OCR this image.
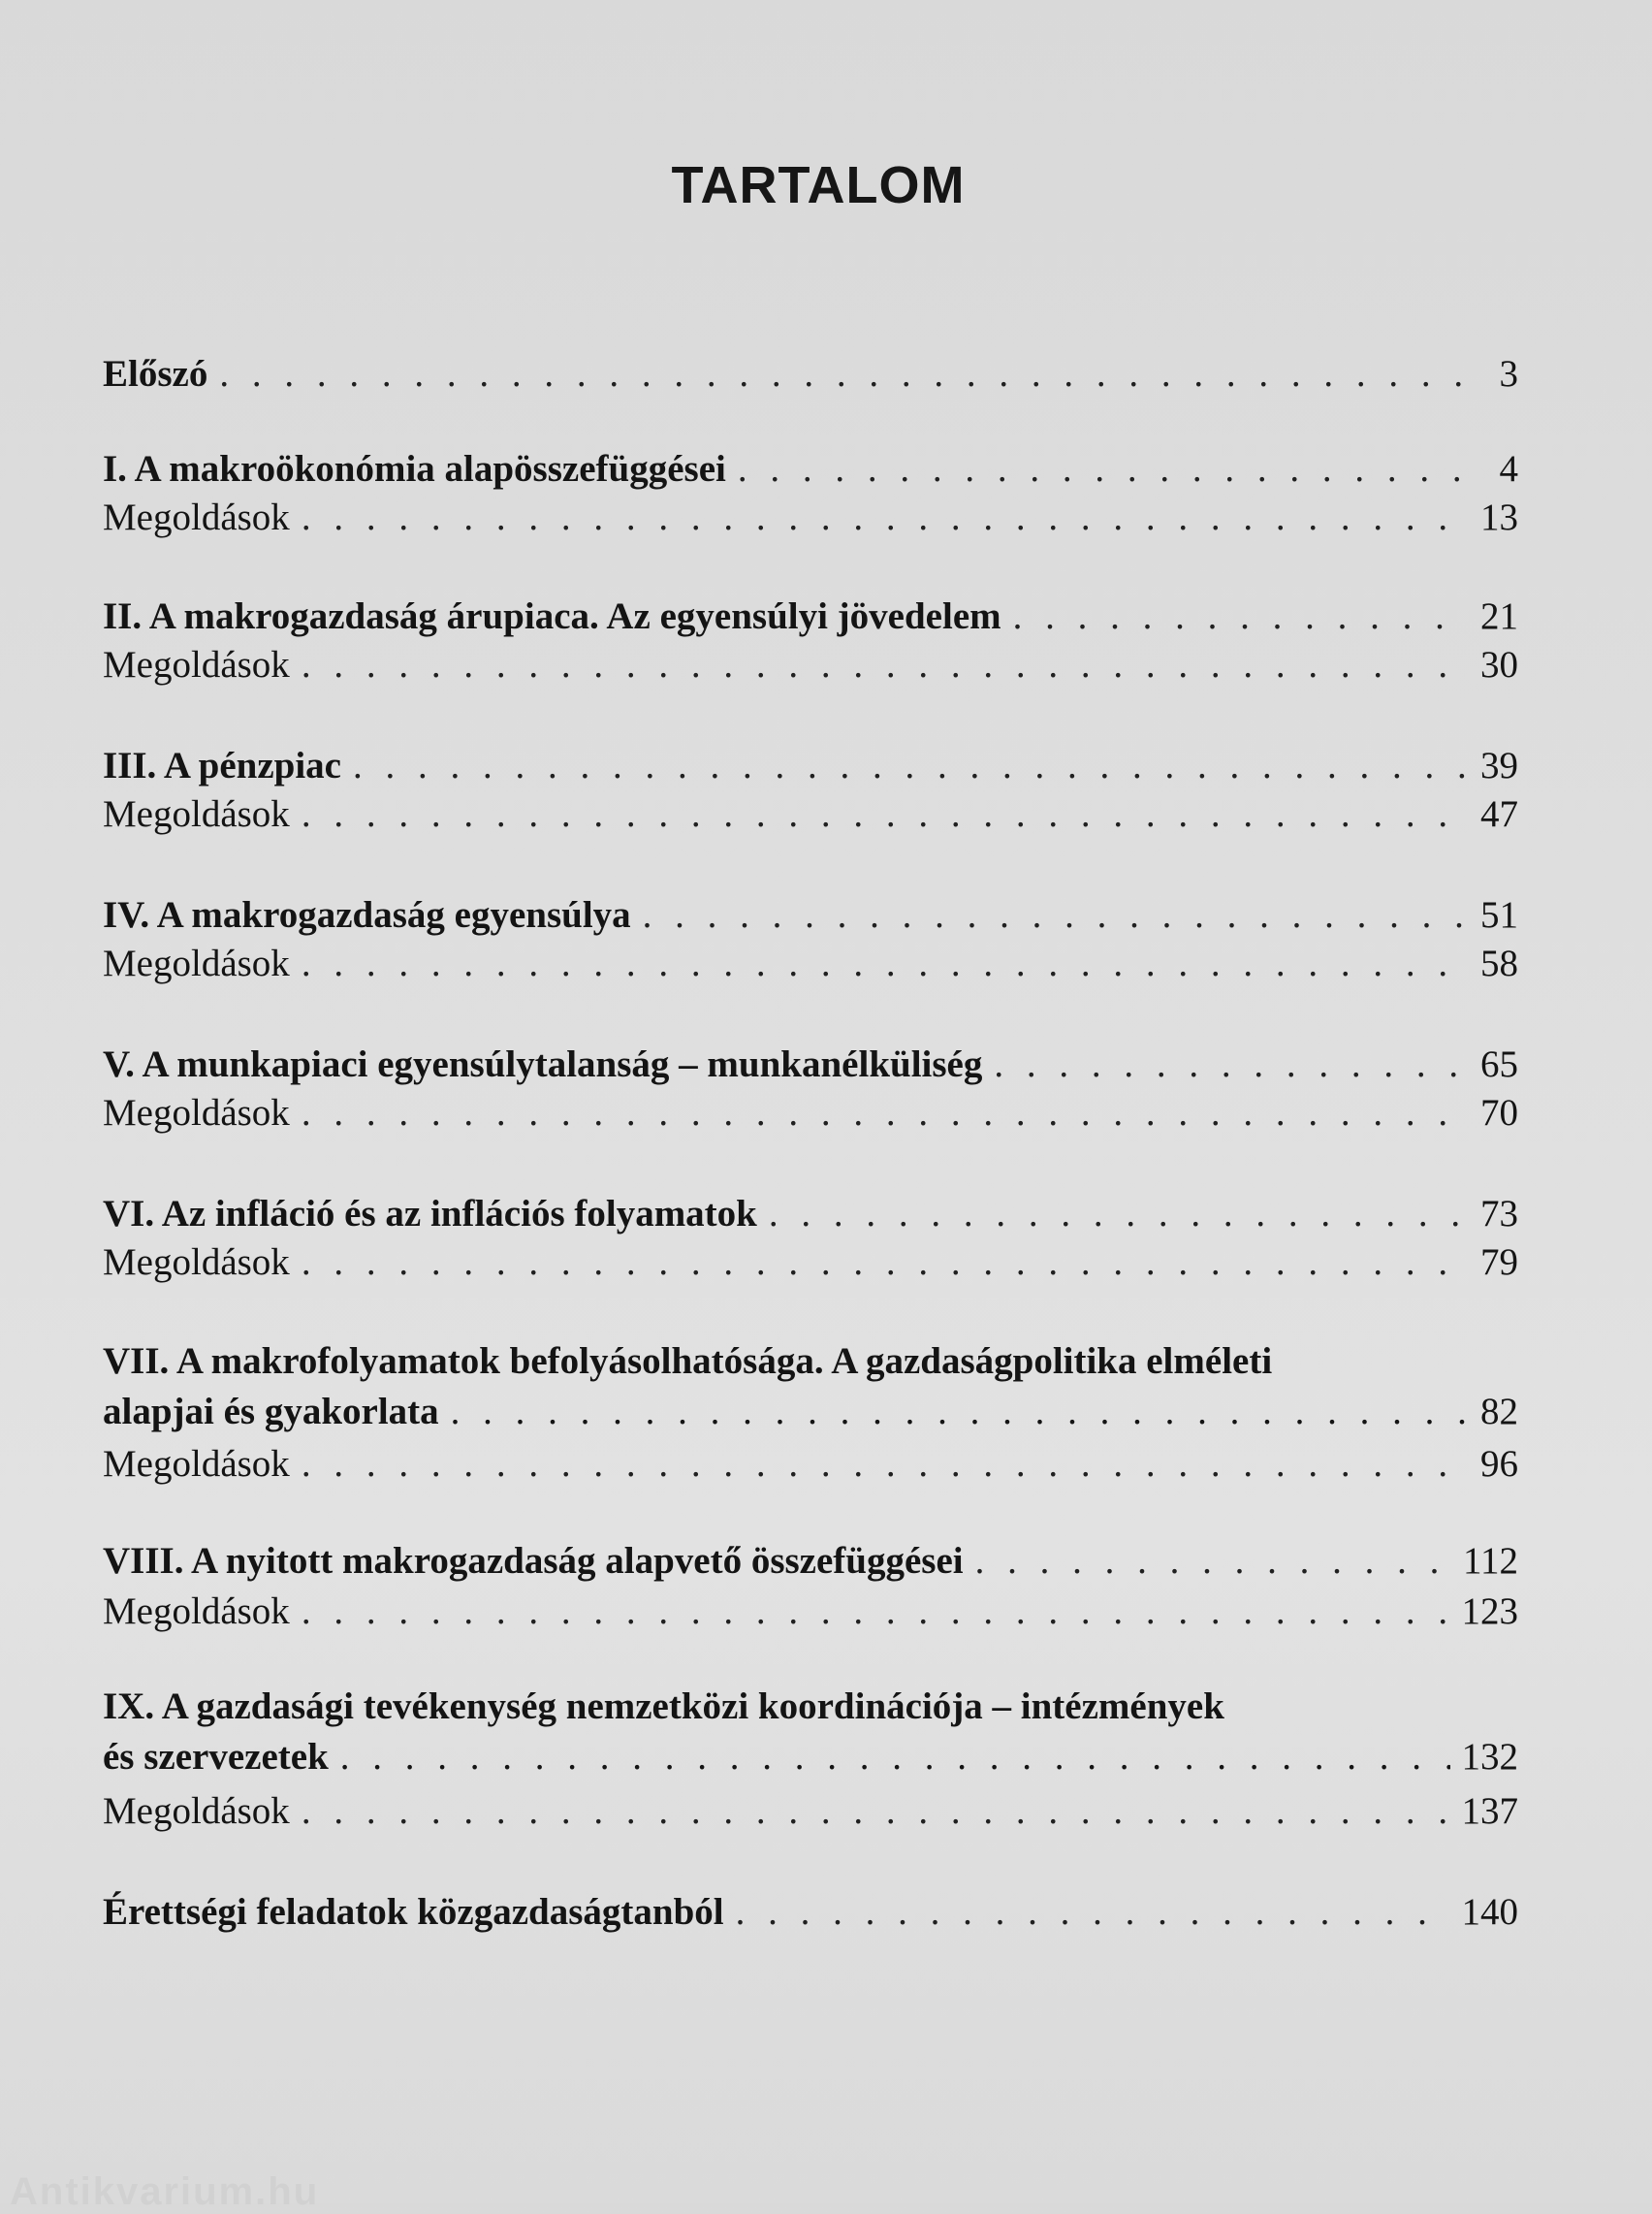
TARTALOM
Előszó . . .	3
I. A makroökonómia alapösszefüggései . . .	4
Megoldások . . .	13
II. A makrogazdaság árupiaca. Az egyensúlyi jövedelem . . .	21
Megoldások . . .	30
III. A pénzpiac . . .	39
Megoldások . . .	47
IV. A makrogazdaság egyensúlya . . .	51
Megoldások . . .	58
V. A munkapiaci egyensúlytalanság – munkanélküliség . . .	65
Megoldások . . .	70
VI. Az infláció és az inflációs folyamatok . . .	73
Megoldások . . .	79
VII. A makrofolyamatok befolyásolhatósága. A gazdaságpolitika elméleti
alapjai és gyakorlata . . .	82
Megoldások . . .	96
VIII. A nyitott makrogazdaság alapvető összefüggései . . .	112
Megoldások . . .	123
IX. A gazdasági tevékenység nemzetközi koordinációja – intézmények
és szervezetek . . .	132
Megoldások . . .	137
Érettségi feladatok közgazdaságtanból . . .	140
Antikvarium.hu
